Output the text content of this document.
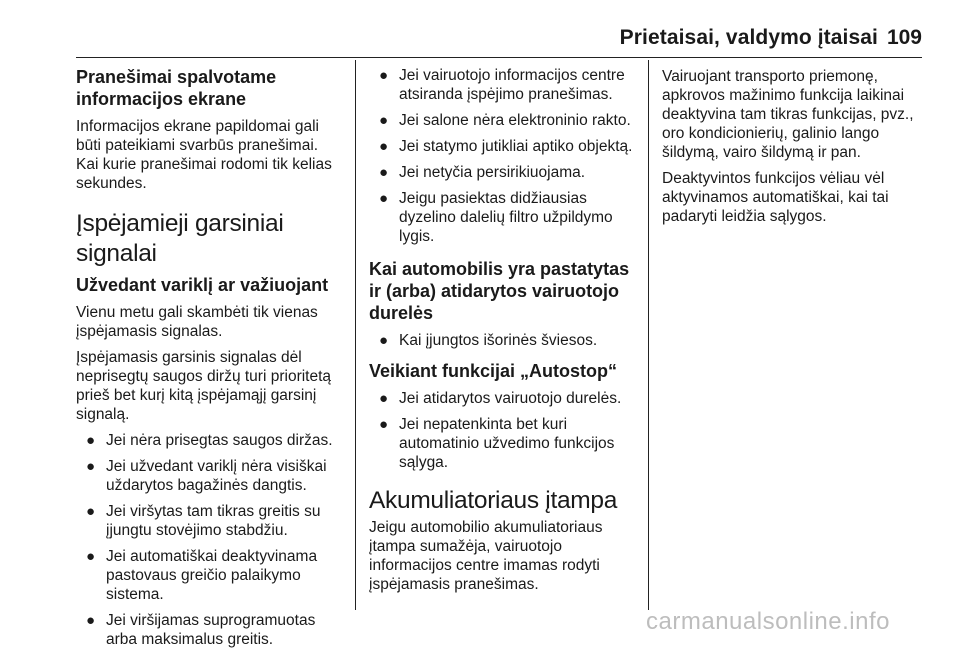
Prietaisai, valdymo įtaisai 109
Pranešimai spalvotame informacijos ekrane

Informacijos ekrane papildomai gali būti pateikiami svarbūs pranešimai. Kai kurie pranešimai rodomi tik kelias sekundes.

Įspėjamieji garsiniai signalai
Užvedant variklį ar važiuojant

Vienu metu gali skambėti tik vienas įspėjamasis signalas.

Įspėjamasis garsinis signalas dėl neprisegtų saugos diržų turi prioritetą prieš bet kurį kitą įspėjamąjį garsinį signalą.

● Jei nėra prisegtas saugos diržas.
● Jei užvedant variklį nėra visiškai uždarytos bagažinės dangtis.
● Jei viršytas tam tikras greitis su įjungtu stovėjimo stabdžiu.
● Jei automatiškai deaktyvinama pastovaus greičio palaikymo sistema.
● Jei viršijamas suprogramuotas arba maksimalus greitis.
● Jei vairuotojo informacijos centre atsiranda įspėjimo pranešimas.
● Jei salone nėra elektroninio rakto.
● Jei statymo jutikliai aptiko objektą.
● Jei netyčia persirikiuojama.
● Jeigu pasiektas didžiausias dyzelino dalelių filtro užpildymo lygis.
Kai automobilis yra pastatytas ir (arba) atidarytos vairuotojo durelės
● Kai įjungtos išorinės šviesos.
Veikiant funkcijai „Autostop“
● Jei atidarytos vairuotojo durelės.
● Jei nepatenkinta bet kuri automatinio užvedimo funkcijos sąlyga.
Akumuliatoriaus įtampa

Jeigu automobilio akumuliatoriaus įtampa sumažėja, vairuotojo informacijos centre imamas rodyti įspėjamasis pranešimas.

Vairuojant transporto priemonę, apkrovos mažinimo funkcija laikinai deaktyvina tam tikras funkcijas, pvz., oro kondicionierių, galinio lango šildymą, vairo šildymą ir pan.

Deaktyvintos funkcijos vėliau vėl aktyvinamos automatiškai, kai tai padaryti leidžia sąlygos.

carmanualsonline.info
